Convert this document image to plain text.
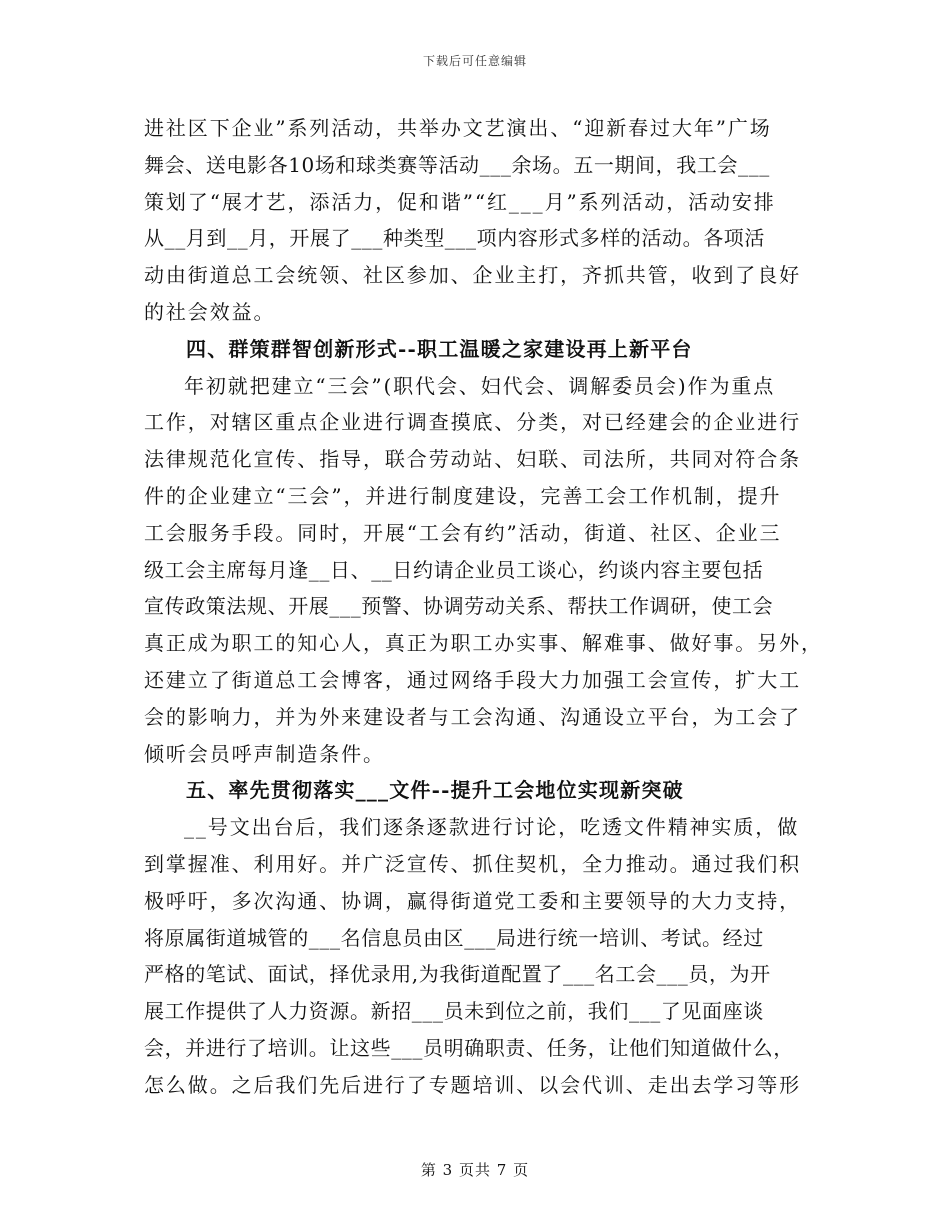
下载后可任意编辑
进社区下企业”系列活动，共举办文艺演出、“迎新春过大年”广场
舞会、送电影各10场和球类赛等活动___余场。五一期间，我工会___
策划了“展才艺，添活力，促和谐”“红___月”系列活动，活动安排
从__月到__月，开展了___种类型___项内容形式多样的活动。各项活
动由街道总工会统领、社区参加、企业主打，齐抓共管，收到了良好
的社会效益。
四、群策群智创新形式--职工温暖之家建设再上新平台
年初就把建立“三会”(职代会、妇代会、调解委员会)作为重点
工作，对辖区重点企业进行调查摸底、分类，对已经建会的企业进行
法律规范化宣传、指导，联合劳动站、妇联、司法所，共同对符合条
件的企业建立“三会”，并进行制度建设，完善工会工作机制，提升
工会服务手段。同时，开展“工会有约”活动，街道、社区、企业三
级工会主席每月逢__日、__日约请企业员工谈心，约谈内容主要包括
宣传政策法规、开展___预警、协调劳动关系、帮扶工作调研，使工会
真正成为职工的知心人，真正为职工办实事、解难事、做好事。另外，
还建立了街道总工会博客，通过网络手段大力加强工会宣传，扩大工
会的影响力，并为外来建设者与工会沟通、沟通设立平台，为工会了
倾听会员呼声制造条件。
五、率先贯彻落实___文件--提升工会地位实现新突破
__号文出台后，我们逐条逐款进行讨论，吃透文件精神实质，做
到掌握准、利用好。并广泛宣传、抓住契机，全力推动。通过我们积
极呼吁，多次沟通、协调，赢得街道党工委和主要领导的大力支持，
将原属街道城管的___名信息员由区___局进行统一培训、考试。经过
严格的笔试、面试，择优录用,为我街道配置了___名工会___员，为开
展工作提供了人力资源。新招___员未到位之前，我们___了见面座谈
会，并进行了培训。让这些___员明确职责、任务，让他们知道做什么，
怎么做。之后我们先后进行了专题培训、以会代训、走出去学习等形
第 3 页共 7 页
